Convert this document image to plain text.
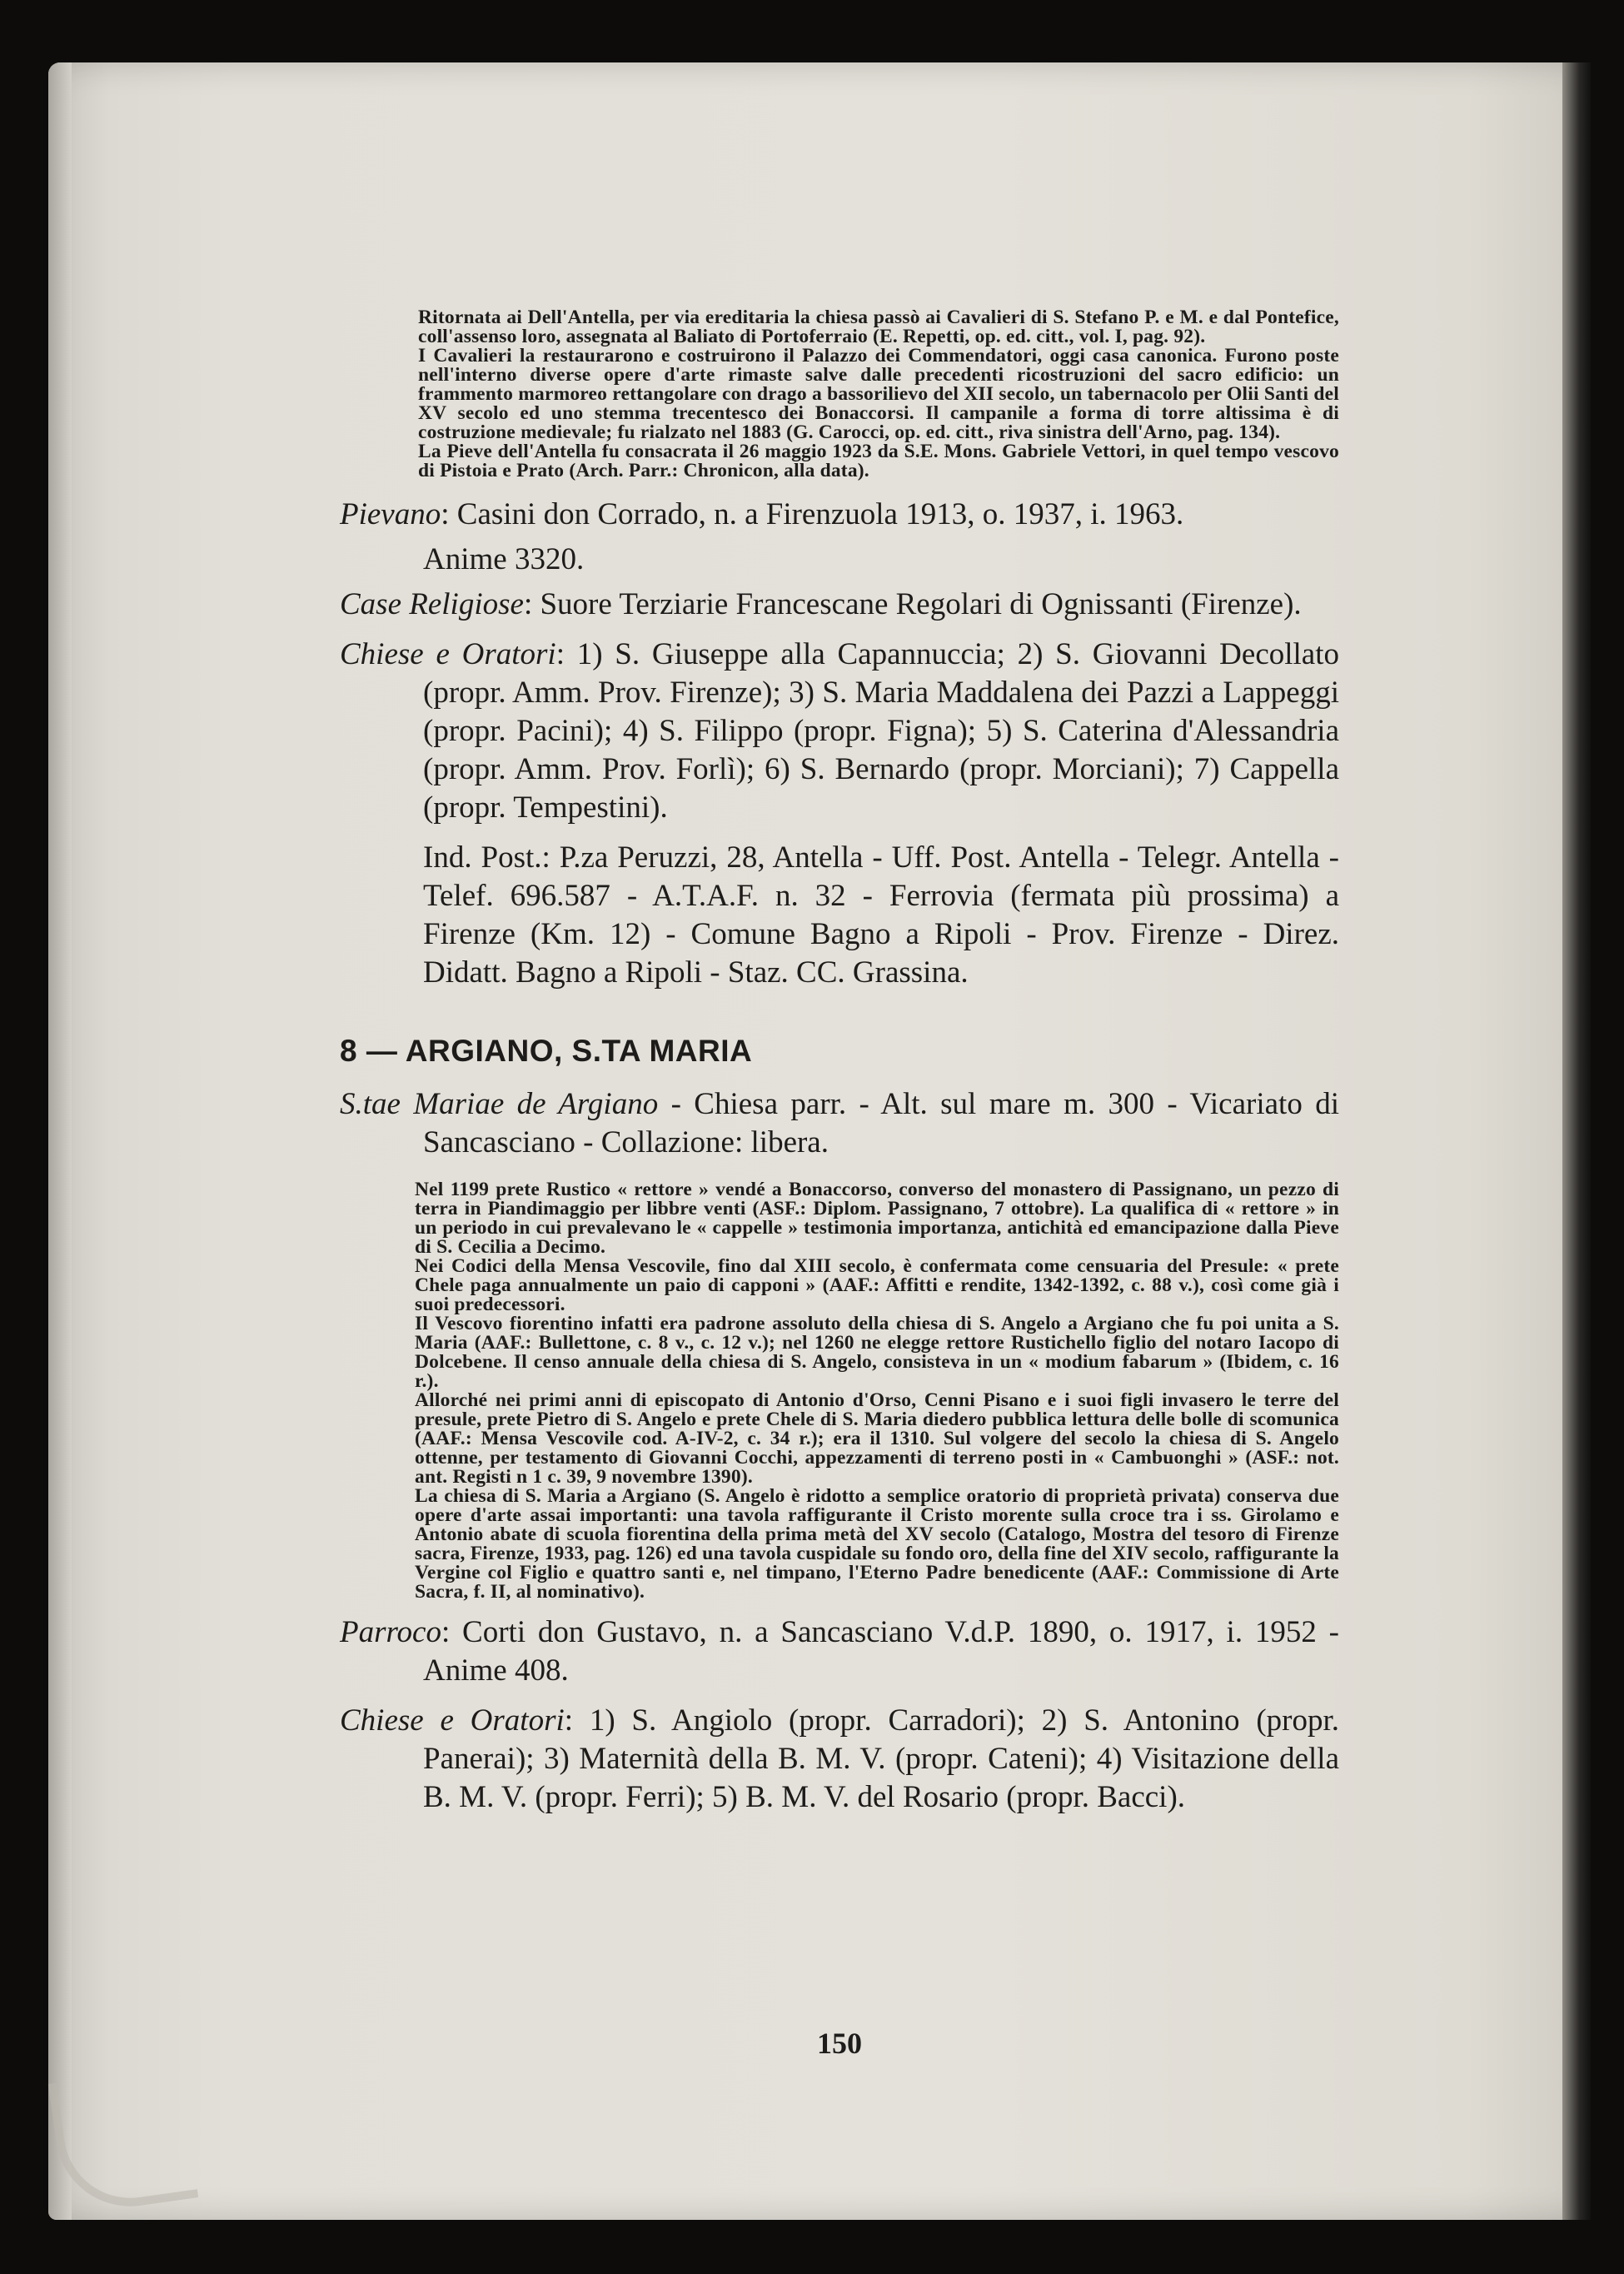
Ritornata ai Dell'Antella, per via ereditaria la chiesa passò ai Cavalieri di S. Stefano P. e M. e dal Pontefice, coll'assenso loro, assegnata al Baliato di Portoferraio (E. Repetti, op. ed. citt., vol. I, pag. 92).

I Cavalieri la restaurarono e costruirono il Palazzo dei Commendatori, oggi casa canonica. Furono poste nell'interno diverse opere d'arte rimaste salve dalle precedenti ricostruzioni del sacro edificio: un frammento marmoreo rettangolare con drago a bassorilievo del XII secolo, un tabernacolo per Olii Santi del XV secolo ed uno stemma trecentesco dei Bonaccorsi. Il campanile a forma di torre altissima è di costruzione medievale; fu rialzato nel 1883 (G. Carocci, op. ed. citt., riva sinistra dell'Arno, pag. 134).

La Pieve dell'Antella fu consacrata il 26 maggio 1923 da S.E. Mons. Gabriele Vettori, in quel tempo vescovo di Pistoia e Prato (Arch. Parr.: Chronicon, alla data).

Pievano: Casini don Corrado, n. a Firenzuola 1913, o. 1937, i. 1963.

Anime 3320.

Case Religiose: Suore Terziarie Francescane Regolari di Ognissanti (Firenze).

Chiese e Oratori: 1) S. Giuseppe alla Capannuccia; 2) S. Giovanni Decollato (propr. Amm. Prov. Firenze); 3) S. Maria Maddalena dei Pazzi a Lappeggi (propr. Pacini); 4) S. Filippo (propr. Figna); 5) S. Caterina d'Alessandria (propr. Amm. Prov. Forlì); 6) S. Bernardo (propr. Morciani); 7) Cappella (propr. Tempestini).

Ind. Post.: P.za Peruzzi, 28, Antella - Uff. Post. Antella - Telegr. Antella - Telef. 696.587 - A.T.A.F. n. 32 - Ferrovia (fermata più prossima) a Firenze (Km. 12) - Comune Bagno a Ripoli - Prov. Firenze - Direz. Didatt. Bagno a Ripoli - Staz. CC. Grassina.

8 — ARGIANO, S.TA MARIA

S.tae Mariae de Argiano - Chiesa parr. - Alt. sul mare m. 300 - Vicariato di Sancasciano - Collazione: libera.

Nel 1199 prete Rustico « rettore » vendé a Bonaccorso, converso del monastero di Passignano, un pezzo di terra in Piandimaggio per libbre venti (ASF.: Diplom. Passignano, 7 ottobre). La qualifica di « rettore » in un periodo in cui prevalevano le « cappelle » testimonia importanza, antichità ed emancipazione dalla Pieve di S. Cecilia a Decimo.

Nei Codici della Mensa Vescovile, fino dal XIII secolo, è confermata come censuaria del Presule: « prete Chele paga annualmente un paio di capponi » (AAF.: Affitti e rendite, 1342-1392, c. 88 v.), così come già i suoi predecessori.

Il Vescovo fiorentino infatti era padrone assoluto della chiesa di S. Angelo a Argiano che fu poi unita a S. Maria (AAF.: Bullettone, c. 8 v., c. 12 v.); nel 1260 ne elegge rettore Rustichello figlio del notaro Iacopo di Dolcebene. Il censo annuale della chiesa di S. Angelo, consisteva in un « modium fabarum » (Ibidem, c. 16 r.).

Allorché nei primi anni di episcopato di Antonio d'Orso, Cenni Pisano e i suoi figli invasero le terre del presule, prete Pietro di S. Angelo e prete Chele di S. Maria diedero pubblica lettura delle bolle di scomunica (AAF.: Mensa Vescovile cod. A-IV-2, c. 34 r.); era il 1310. Sul volgere del secolo la chiesa di S. Angelo ottenne, per testamento di Giovanni Cocchi, appezzamenti di terreno posti in « Cambuonghi » (ASF.: not. ant. Registi n 1 c. 39, 9 novembre 1390).

La chiesa di S. Maria a Argiano (S. Angelo è ridotto a semplice oratorio di proprietà privata) conserva due opere d'arte assai importanti: una tavola raffigurante il Cristo morente sulla croce tra i ss. Girolamo e Antonio abate di scuola fiorentina della prima metà del XV secolo (Catalogo, Mostra del tesoro di Firenze sacra, Firenze, 1933, pag. 126) ed una tavola cuspidale su fondo oro, della fine del XIV secolo, raffigurante la Vergine col Figlio e quattro santi e, nel timpano, l'Eterno Padre benedicente (AAF.: Commissione di Arte Sacra, f. II, al nominativo).

Parroco: Corti don Gustavo, n. a Sancasciano V.d.P. 1890, o. 1917, i. 1952 - Anime 408.

Chiese e Oratori: 1) S. Angiolo (propr. Carradori); 2) S. Antonino (propr. Panerai); 3) Maternità della B. M. V. (propr. Cateni); 4) Visitazione della B. M. V. (propr. Ferri); 5) B. M. V. del Rosario (propr. Bacci).

150
